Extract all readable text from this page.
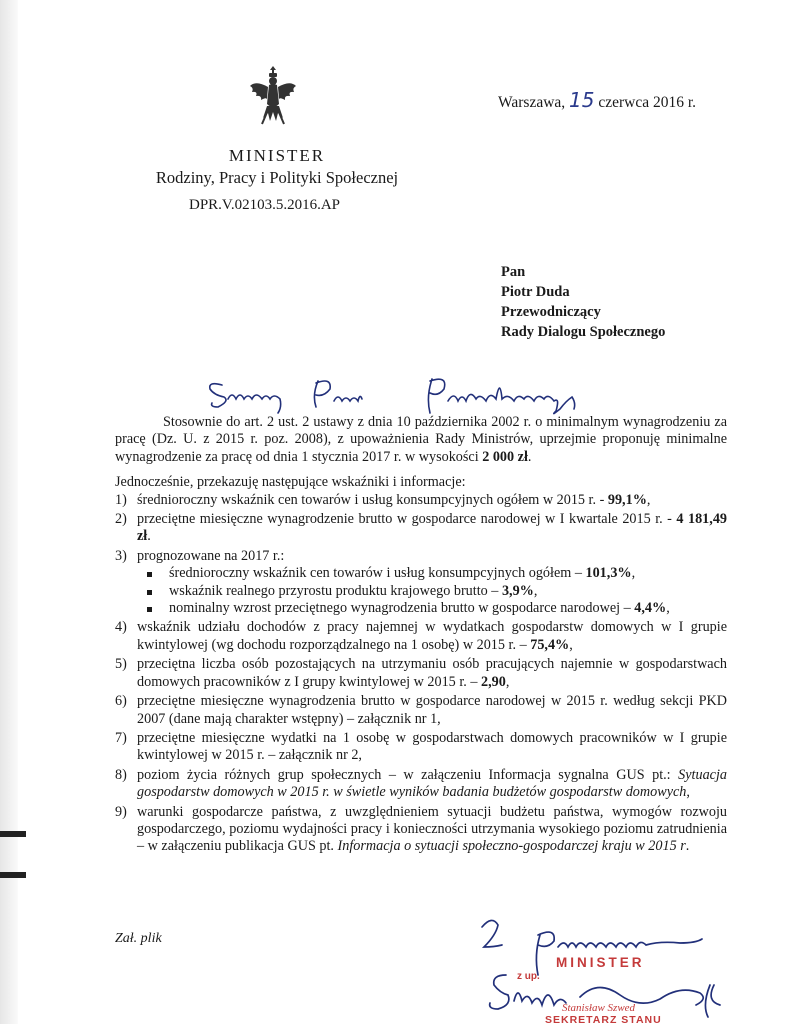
Warszawa, 15 czerwca 2016 r.
MINISTER
Rodziny, Pracy i Polityki Społecznej
DPR.V.02103.5.2016.AP
Pan
Piotr Duda
Przewodniczący
Rady Dialogu Społecznego

Stosownie do art. 2 ust. 2 ustawy z dnia 10 października 2002 r. o minimalnym wynagrodzeniu za pracę (Dz. U. z 2015 r. poz. 2008), z upoważnienia Rady Ministrów, uprzejmie proponuję minimalne wynagrodzenie za pracę od dnia 1 stycznia 2017 r. w wysokości 2 000 zł.

Jednocześnie, przekazuję następujące wskaźniki i informacje:

1) średnioroczny wskaźnik cen towarów i usług konsumpcyjnych ogółem w 2015 r. - 99,1%,
2) przeciętne miesięczne wynagrodzenie brutto w gospodarce narodowej w I kwartale 2015 r. - 4 181,49 zł.
3) prognozowane na 2017 r.:
średnioroczny wskaźnik cen towarów i usług konsumpcyjnych ogółem – 101,3%,
wskaźnik realnego przyrostu produktu krajowego brutto – 3,9%,
nominalny wzrost przeciętnego wynagrodzenia brutto w gospodarce narodowej – 4,4%,
4) wskaźnik udziału dochodów z pracy najemnej w wydatkach gospodarstw domowych w I grupie kwintylowej (wg dochodu rozporządzalnego na 1 osobę) w 2015 r. – 75,4%,
5) przeciętna liczba osób pozostających na utrzymaniu osób pracujących najemnie w gospodarstwach domowych pracowników z I grupy kwintylowej w 2015 r. – 2,90,
6) przeciętne miesięczne wynagrodzenia brutto w gospodarce narodowej w 2015 r. według sekcji PKD 2007 (dane mają charakter wstępny) – załącznik nr 1,
7) przeciętne miesięczne wydatki na 1 osobę w gospodarstwach domowych pracowników w I grupie kwintylowej w 2015 r. – załącznik nr 2,
8) poziom życia różnych grup społecznych – w załączeniu Informacja sygnalna GUS pt.: Sytuacja gospodarstw domowych w 2015 r. w świetle wyników badania budżetów gospodarstw domowych,
9) warunki gospodarcze państwa, z uwzględnieniem sytuacji budżetu państwa, wymogów rozwoju gospodarczego, poziomu wydajności pracy i konieczności utrzymania wysokiego poziomu zatrudnienia – w załączeniu publikacja GUS pt. Informacja o sytuacji społeczno-gospodarczej kraju w 2015 r.
Zał. plik
MINISTER
z up.
Stanisław Szwed
SEKRETARZ STANU
